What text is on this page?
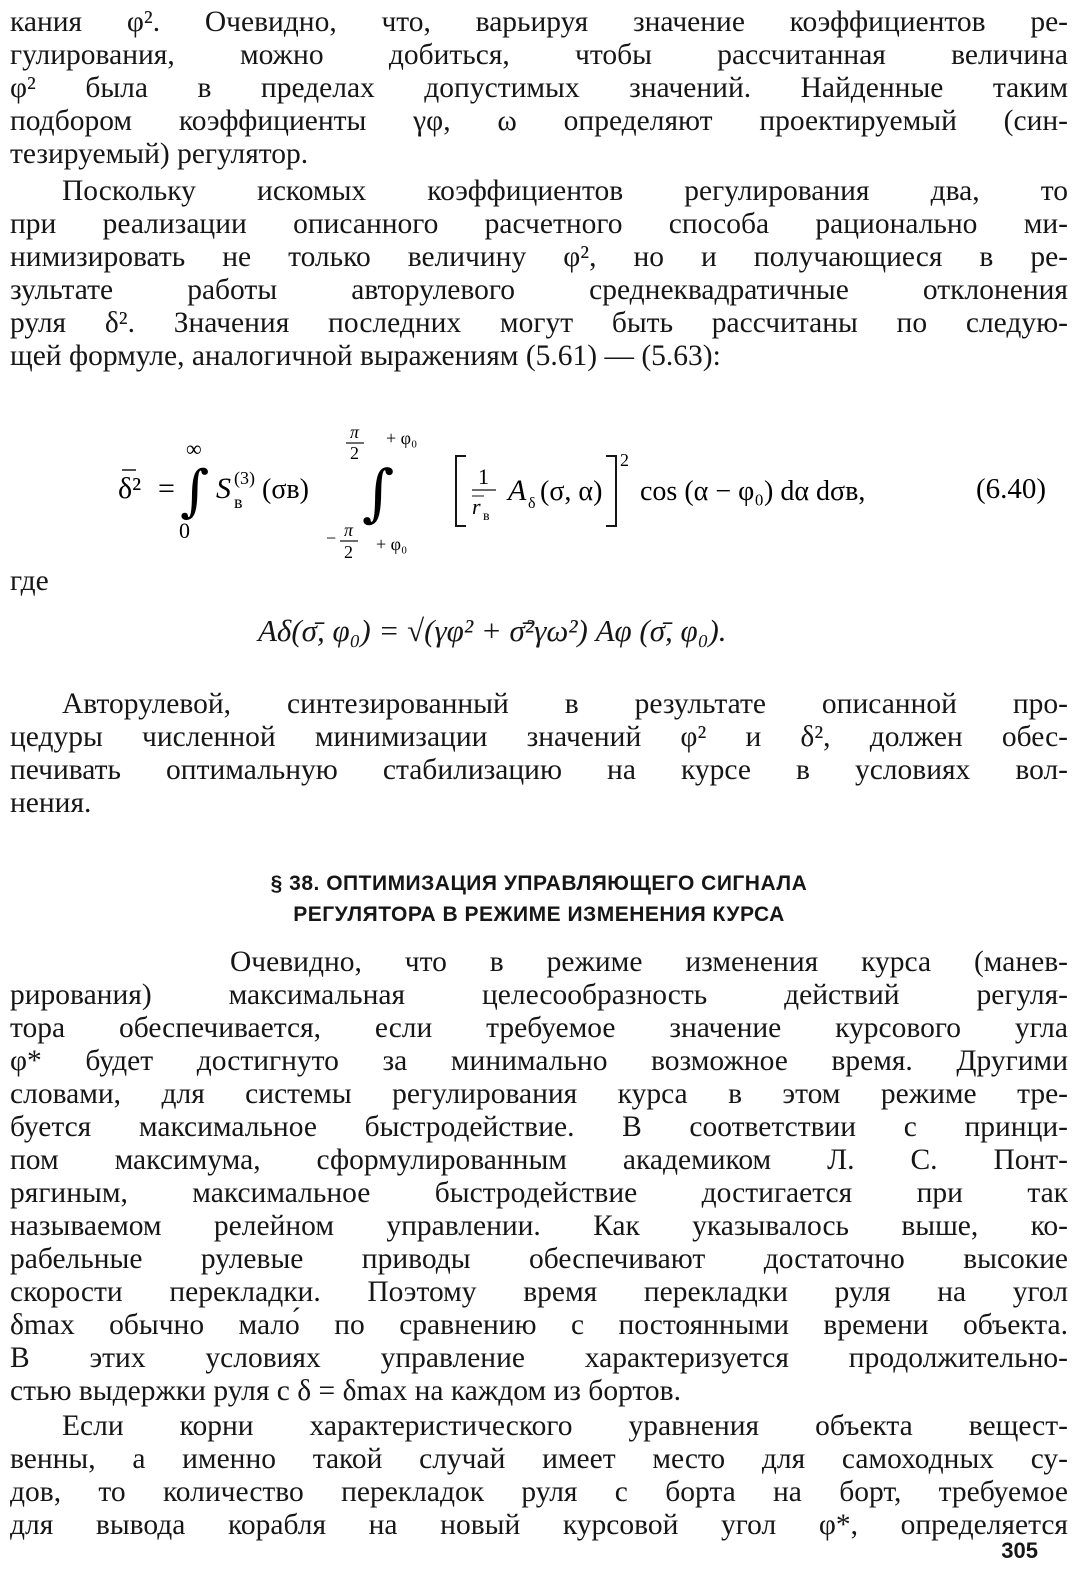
кания φ². Очевидно, что, варьируя значение коэффициентов ре-
гулирования, можно добиться, чтобы рассчитанная величина
φ² была в пределах допустимых значений. Найденные таким
подбором коэффициенты γφ, ω определяют проектируемый (син-
тезируемый) регулятор.
Поскольку искомых коэффициентов регулирования два, то
при реализации описанного расчетного способа рационально ми-
нимизировать не только величину φ², но и получающиеся в ре-
зультате работы авторулевого среднеквадратичные отклонения
руля δ². Значения последних могут быть рассчитаны по следую-
щей формуле, аналогичной выражениям (5.61) — (5.63):
δ² = ∫
∞
0
S (3)
в (σв) ∫
π
2
+ φ₀
− π
2 + φ₀
1
r в
A δ (σ, α)
2
cos (α − φ₀) dα dσв,	(6.40)
где
Aδ(σ̄, φ₀) = √(γφ² + σ̄²γω²) Aφ (σ̄, φ₀).
Авторулевой, синтезированный в результате описанной про-
цедуры численной минимизации значений φ² и δ², должен обес-
печивать оптимальную стабилизацию на курсе в условиях вол-
нения.
§ 38. ОПТИМИЗАЦИЯ УПРАВЛЯЮЩЕГО СИГНАЛА
РЕГУЛЯТОРА В РЕЖИМЕ ИЗМЕНЕНИЯ КУРСА
Очевидно, что в режиме изменения курса (манев-
рирования) максимальная целесообразность действий регуля-
тора обеспечивается, если требуемое значение курсового угла
φ* будет достигнуто за минимально возможное время. Другими
словами, для системы регулирования курса в этом режиме тре-
буется максимальное быстродействие. В соответствии с принци-
пом максимума, сформулированным академиком Л. С. Понт-
рягиным, максимальное быстродействие достигается при так
называемом релейном управлении. Как указывалось выше, ко-
рабельные рулевые приводы обеспечивают достаточно высокие
скорости перекладки. Поэтому время перекладки руля на угол
δmax обычно мало́ по сравнению с постоянными времени объекта.
В этих условиях управление характеризуется продолжительно-
стью выдержки руля с δ = δmax на каждом из бортов.
Если корни характеристического уравнения объекта вещест-
венны, а именно такой случай имеет место для самоходных су-
дов, то количество перекладок руля с борта на борт, требуемое
для вывода корабля на новый курсовой угол φ*, определяется
305
